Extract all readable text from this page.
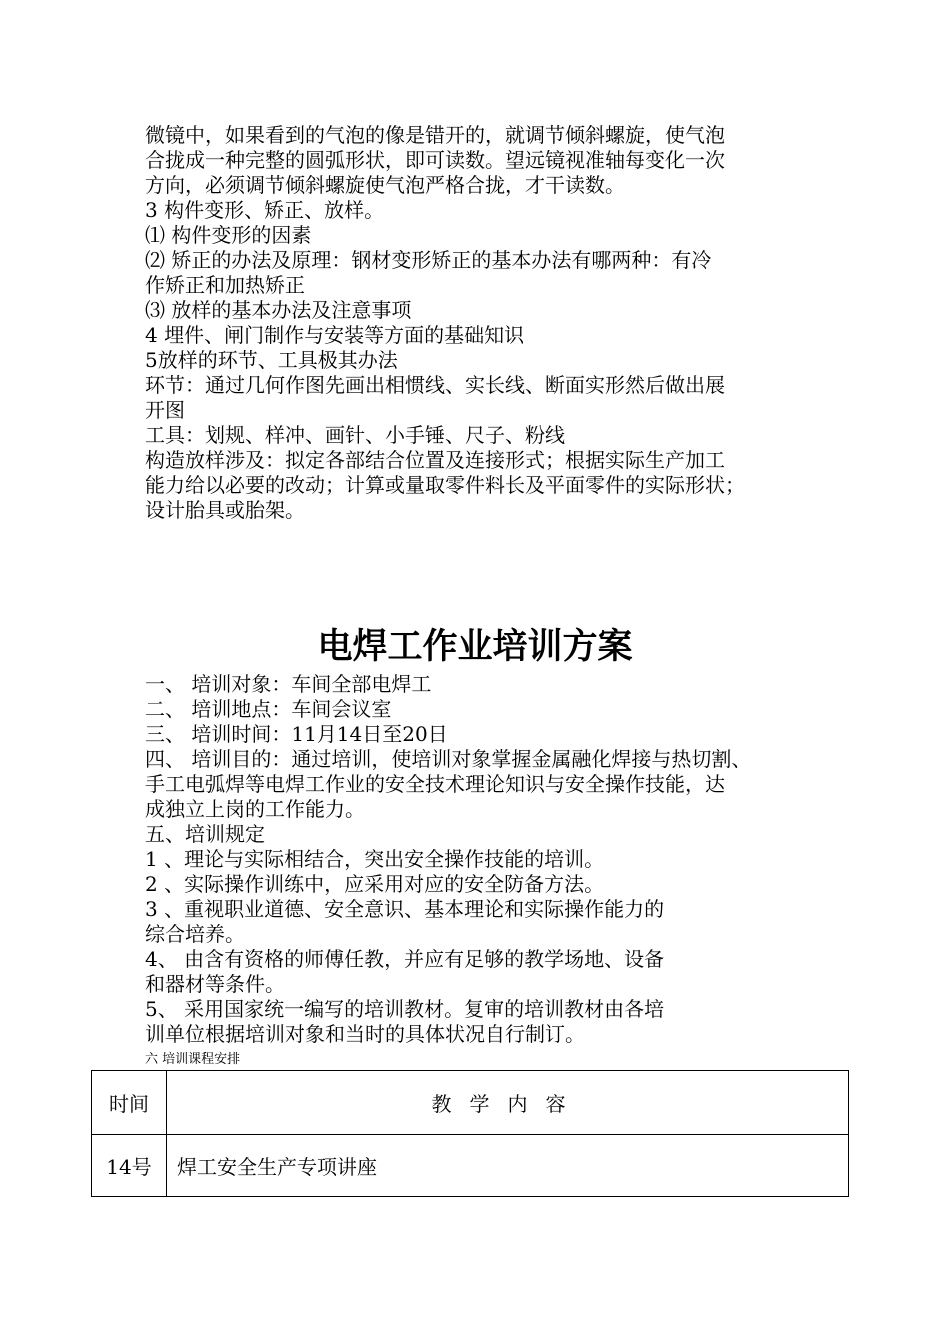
微镜中，如果看到的气泡的像是错开的，就调节倾斜螺旋，使气泡
合拢成一种完整的圆弧形状，即可读数。望远镜视准轴每变化一次
方向，必须调节倾斜螺旋使气泡严格合拢，才干读数。
3 构件变形、矫正、放样。
⑴ 构件变形的因素
⑵ 矫正的办法及原理：钢材变形矫正的基本办法有哪两种：有冷
作矫正和加热矫正
⑶ 放样的基本办法及注意事项
4 埋件、闸门制作与安装等方面的基础知识
5放样的环节、工具极其办法
环节：通过几何作图先画出相惯线、实长线、断面实形然后做出展
开图
工具：划规、样冲、画针、小手锤、尺子、粉线
构造放样涉及：拟定各部结合位置及连接形式；根据实际生产加工
能力给以必要的改动；计算或量取零件料长及平面零件的实际形状；
设计胎具或胎架。
电焊工作业培训方案
一、 培训对象：车间全部电焊工
二、 培训地点：车间会议室
三、 培训时间：11月14日至20日
四、 培训目的：通过培训，使培训对象掌握金属融化焊接与热切割、
手工电弧焊等电焊工作业的安全技术理论知识与安全操作技能，达
成独立上岗的工作能力。
五、培训规定
1 、理论与实际相结合，突出安全操作技能的培训。
2 、实际操作训练中，应采用对应的安全防备方法。
3 、重视职业道德、安全意识、基本理论和实际操作能力的
综合培养。
4、 由含有资格的师傅任教，并应有足够的教学场地、设备
和器材等条件。
5、 采用国家统一编写的培训教材。复审的培训教材由各培
训单位根据培训对象和当时的具体状况自行制订。
六 培训课程安排
时间	教学内容
14号	焊工安全生产专项讲座
